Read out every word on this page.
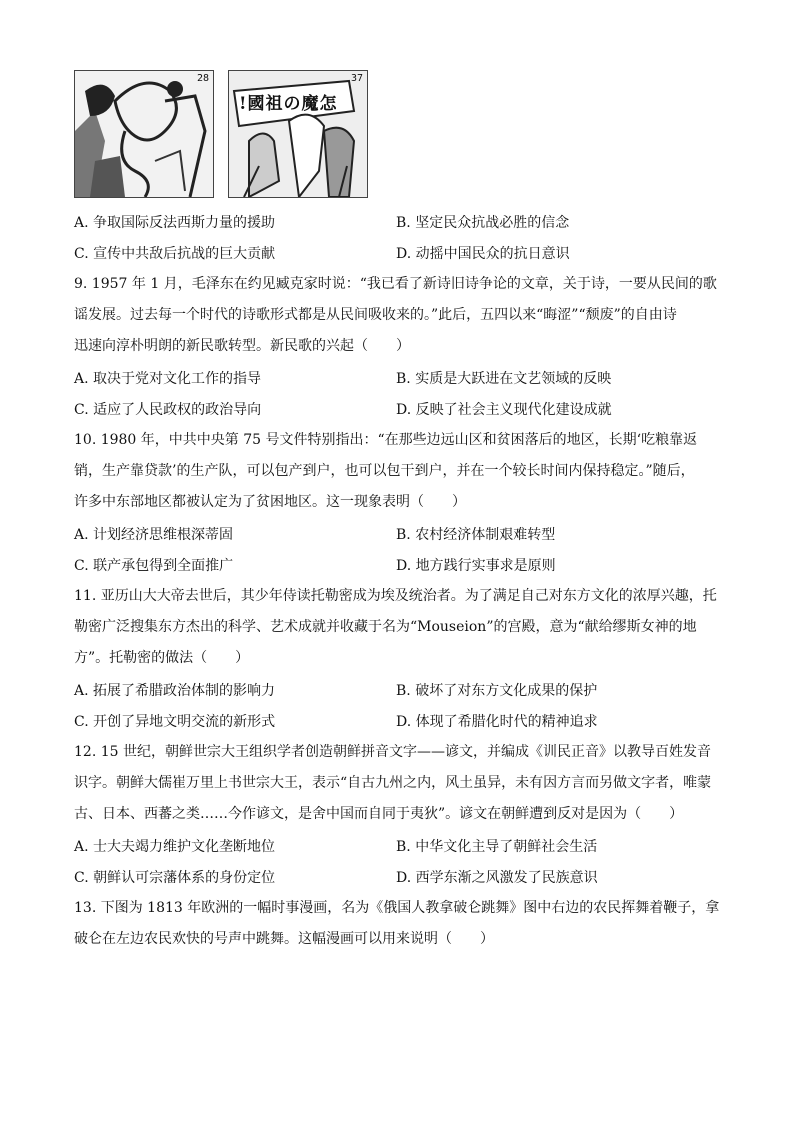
28	37
!國祖の魔怎
A. 争取国际反法西斯力量的援助	B. 坚定民众抗战必胜的信念
C. 宣传中共敌后抗战的巨大贡献	D. 动摇中国民众的抗日意识

9. 1957 年 1 月，毛泽东在约见臧克家时说：“我已看了新诗旧诗争论的文章，关于诗，一要从民间的歌

谣发展。过去每一个时代的诗歌形式都是从民间吸收来的。”此后，五四以来“晦涩”“颓废”的自由诗

迅速向淳朴明朗的新民歌转型。新民歌的兴起（　　）

A. 取决于党对文化工作的指导	B. 实质是大跃进在文艺领域的反映
C. 适应了人民政权的政治导向	D. 反映了社会主义现代化建设成就

10. 1980 年，中共中央第 75 号文件特别指出：“在那些边远山区和贫困落后的地区，长期‘吃粮靠返

销，生产靠贷款’的生产队，可以包产到户，也可以包干到户，并在一个较长时间内保持稳定。”随后，

许多中东部地区都被认定为了贫困地区。这一现象表明（　　）

A. 计划经济思维根深蒂固	B. 农村经济体制艰难转型
C. 联产承包得到全面推广	D. 地方践行实事求是原则

11. 亚历山大大帝去世后，其少年侍读托勒密成为埃及统治者。为了满足自己对东方文化的浓厚兴趣，托

勒密广泛搜集东方杰出的科学、艺术成就并收藏于名为“Mouseion”的宫殿，意为“献给缪斯女神的地

方”。托勒密的做法（　　）

A. 拓展了希腊政治体制的影响力	B. 破坏了对东方文化成果的保护
C. 开创了异地文明交流的新形式	D. 体现了希腊化时代的精神追求

12. 15 世纪，朝鲜世宗大王组织学者创造朝鲜拼音文字——谚文，并编成《训民正音》以教导百姓发音

识字。朝鲜大儒崔万里上书世宗大王，表示“自古九州之内，风土虽异，未有因方言而另做文字者，唯蒙

古、日本、西蕃之类……今作谚文，是舍中国而自同于夷狄”。谚文在朝鲜遭到反对是因为（　　）

A. 士大夫竭力维护文化垄断地位	B. 中华文化主导了朝鲜社会生活
C. 朝鲜认可宗藩体系的身份定位	D. 西学东渐之风激发了民族意识

13. 下图为 1813 年欧洲的一幅时事漫画，名为《俄国人教拿破仑跳舞》图中右边的农民挥舞着鞭子，拿

破仑在左边农民欢快的号声中跳舞。这幅漫画可以用来说明（　　）
